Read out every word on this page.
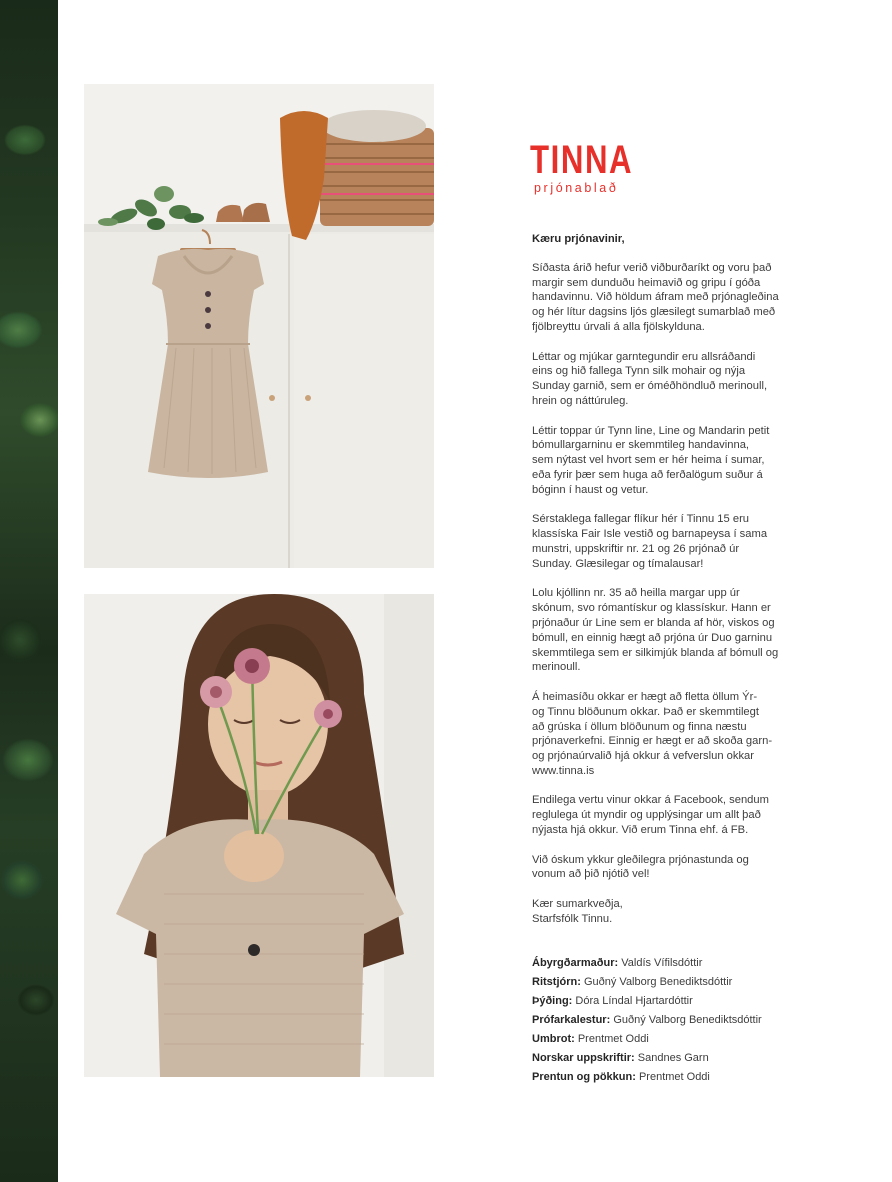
TINNA
prjónablað
Kæru prjónavinir,

Síðasta árið hefur verið viðburðaríkt og voru það
margir sem dunduðu heimavið og gripu í góða
handavinnu. Við höldum áfram með prjónagleðina
og hér lítur dagsins ljós glæsilegt sumarblað með
fjölbreyttu úrvali á alla fjölskylduna.

Léttar og mjúkar garntegundir eru allsráðandi
eins og hið fallega Tynn silk mohair og nýja
Sunday garnið, sem er óméðhöndluð merinoull,
hrein og náttúruleg.

Léttir toppar úr Tynn line, Line og Mandarin petit
bómullargarninu er skemmtileg handavinna,
sem nýtast vel hvort sem er hér heima í sumar,
eða fyrir þær sem huga að ferðalögum suður á
bóginn í haust og vetur.

Sérstaklega fallegar flíkur hér í Tinnu 15 eru
klassíska Fair Isle vestið og barnapeysa í sama
munstri, uppskriftir nr. 21 og 26 prjónað úr
Sunday. Glæsilegar og tímalausar!

Lolu kjóllinn nr. 35 að heilla margar upp úr
skónum, svo rómantískur og klassískur. Hann er
prjónaður úr Line sem er blanda af hör, viskos og
bómull, en einnig hægt að prjóna úr Duo garninu
skemmtilega sem er silkimjúk blanda af bómull og
merinoull.

Á heimasíðu okkar er hægt að fletta öllum Ýr-
og Tinnu blöðunum okkar. Það er skemmtilegt
að grúska í öllum blöðunum og finna næstu
prjónaverkefni. Einnig er hægt er að skoða garn-
og prjónaúrvalið hjá okkur á vefverslun okkar
www.tinna.is

Endilega vertu vinur okkar á Facebook, sendum
reglulega út myndir og upplýsingar um allt það
nýjasta hjá okkur. Við erum Tinna ehf. á FB.

Við óskum ykkur gleðilegra prjónastunda og
vonum að þið njótið vel!

Kær sumarkveðja,
Starfsfólk Tinnu.

Ábyrgðarmaður: Valdís Vífilsdóttir
Ritstjórn: Guðný Valborg Benediktsdóttir
Þýðing: Dóra Líndal Hjartardóttir
Prófarkalestur: Guðný Valborg Benediktsdóttir
Umbrot: Prentmet Oddi
Norskar uppskriftir: Sandnes Garn
Prentun og pökkun: Prentmet Oddi
